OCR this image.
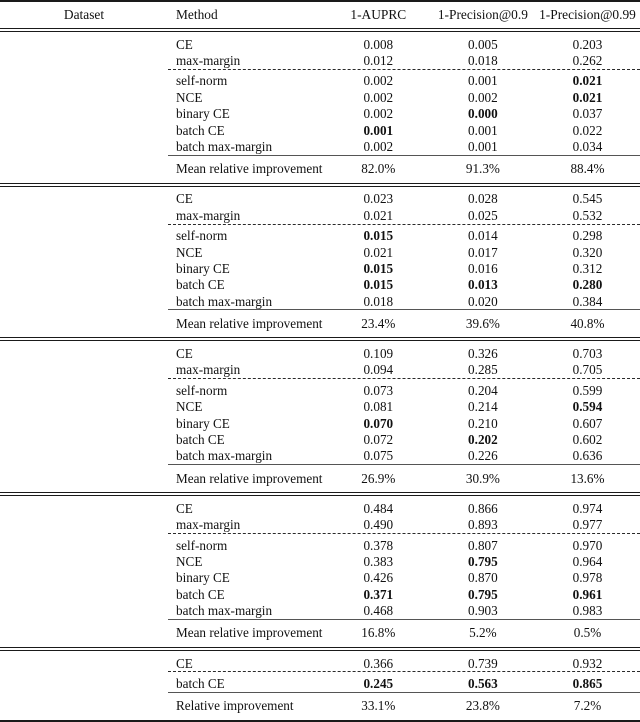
Dataset	Method	1-AUPRC	1-Precision@0.9	1-Precision@0.99

	CE	0.008	0.005	0.203
	max-margin	0.012	0.018	0.262

	self-norm	0.002	0.001	0.021
	NCE	0.002	0.002	0.021
	binary CE	0.002	0.000	0.037
	batch CE	0.001	0.001	0.022
	batch max-margin	0.002	0.001	0.034

	Mean relative improvement	82.0%	91.3%	88.4%

	CE	0.023	0.028	0.545
	max-margin	0.021	0.025	0.532

	self-norm	0.015	0.014	0.298
	NCE	0.021	0.017	0.320
	binary CE	0.015	0.016	0.312
	batch CE	0.015	0.013	0.280
	batch max-margin	0.018	0.020	0.384

	Mean relative improvement	23.4%	39.6%	40.8%

	CE	0.109	0.326	0.703
	max-margin	0.094	0.285	0.705

	self-norm	0.073	0.204	0.599
	NCE	0.081	0.214	0.594
	binary CE	0.070	0.210	0.607
	batch CE	0.072	0.202	0.602
	batch max-margin	0.075	0.226	0.636

	Mean relative improvement	26.9%	30.9%	13.6%

	CE	0.484	0.866	0.974
	max-margin	0.490	0.893	0.977

	self-norm	0.378	0.807	0.970
	NCE	0.383	0.795	0.964
	binary CE	0.426	0.870	0.978
	batch CE	0.371	0.795	0.961
	batch max-margin	0.468	0.903	0.983

	Mean relative improvement	16.8%	5.2%	0.5%

	CE	0.366	0.739	0.932

	batch CE	0.245	0.563	0.865

	Relative improvement	33.1%	23.8%	7.2%
